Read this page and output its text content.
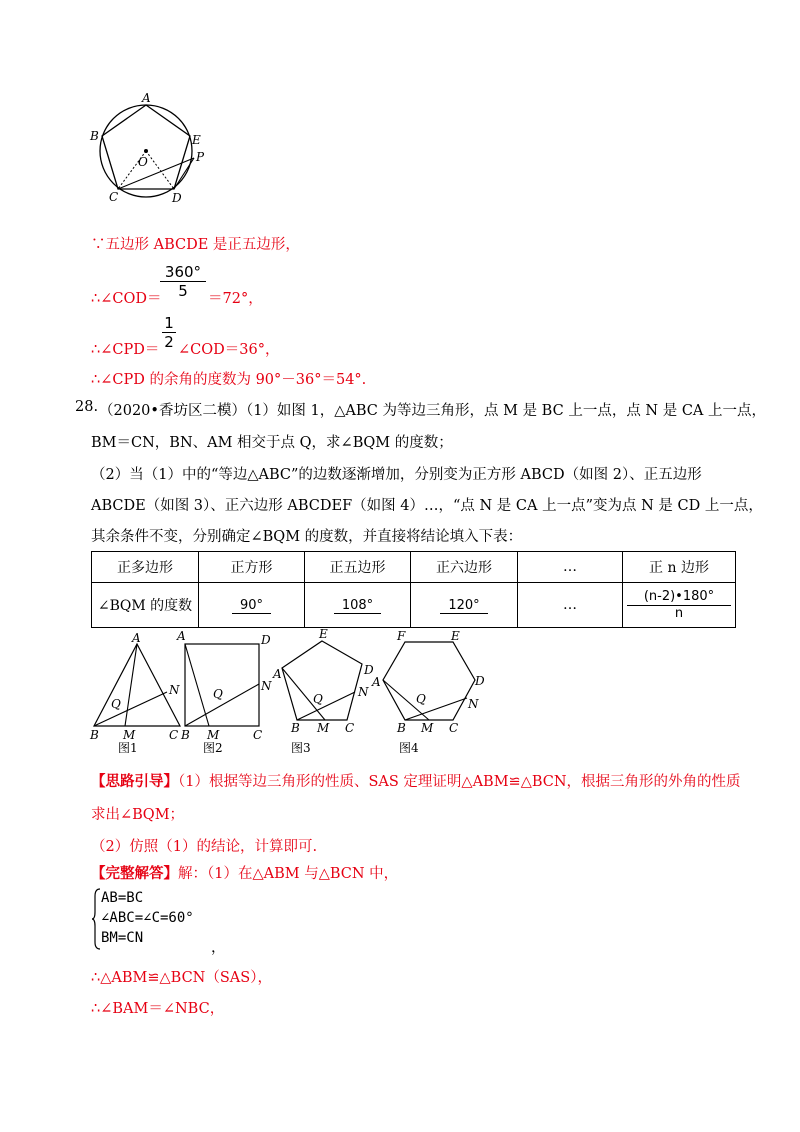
A
B	E
P
O
C	D
∵五边形 ABCDE 是正五边形，
∴∠COD＝
$\frac{360^\circ}{5} =72^\circ$，
∴∠CPD＝ $\frac{1}{2}$ ∠COD＝36°，
∴∠CPD 的余角的度数为 90°－36°＝54°.
28. （2020•香坊区二模）（1）如图 1，△ABC 为等边三角形，点 M 是 BC 上一点，点 N 是 CA 上一点，
BM＝CN，BN、AM 相交于点 Q，求∠BQM 的度数；
（2）当（1）中的“等边△ABC”的边数逐渐增加，分别变为正方形 ABCD（如图 2）、正五边形
ABCDE（如图 3）、正六边形 ABCDEF（如图 4）…，“点 N 是 CA 上一点”变为点 N 是 CD 上一点，
其余条件不变，分别确定∠BQM 的度数，并直接将结论填入下表：
正多边形	正方形	正五边形	正六边形	…	正 n 边形
∠BQM 的度数	90°	108°	120°	…	(n-2)•180°
n
A
Q
N
B M	C
A	D
Q
N
B M	C
E
D
A
Q	N
B M C
F	E
A	D
Q	N
B M C
图1	图2	图3	图4
【思路引导】（1）根据等边三角形的性质、SAS 定理证明△ABM≌△BCN，根据三角形的外角的性质
求出∠BQM；
（2）仿照（1）的结论，计算即可.
【完整解答】解：（1）在△ABM 与△BCN 中，
AB=BC
∠ABC=∠C=60°
BM=CN
，
∴△ABM≌△BCN（SAS），
∴∠BAM＝∠NBC，
